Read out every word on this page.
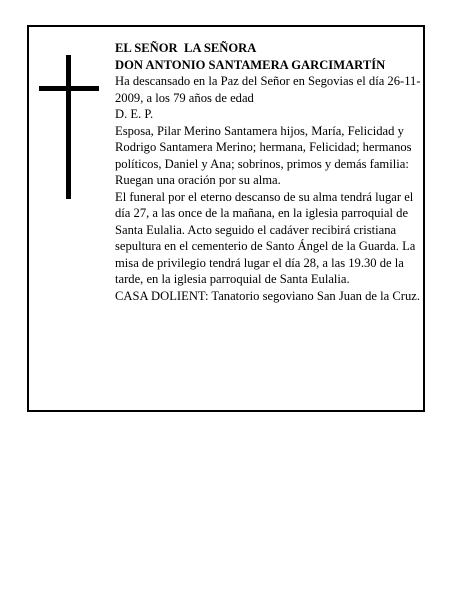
EL SEÑOR  LA SEÑORA

DON ANTONIO SANTAMERA GARCIMARTÍN

Ha descansado en la Paz del Señor en Segovias el día 26-11-2009, a los 79 años de edad

D. E. P.

Esposa, Pilar Merino Santamera hijos, María, Felicidad y Rodrigo Santamera Merino; hermana, Felicidad; hermanos políticos, Daniel y Ana; sobrinos, primos y demás familia:

Ruegan una oración por su alma.

El funeral por el eterno descanso de su alma tendrá lugar el día 27, a las once de la mañana, en la iglesia parroquial de Santa Eulalia. Acto seguido el cadáver recibirá cristiana sepultura en el cementerio de Santo Ángel de la Guarda. La misa de privilegio tendrá lugar el día 28, a las 19.30 de la tarde, en la iglesia parroquial de Santa Eulalia.

CASA DOLIENT: Tanatorio segoviano San Juan de la Cruz.
